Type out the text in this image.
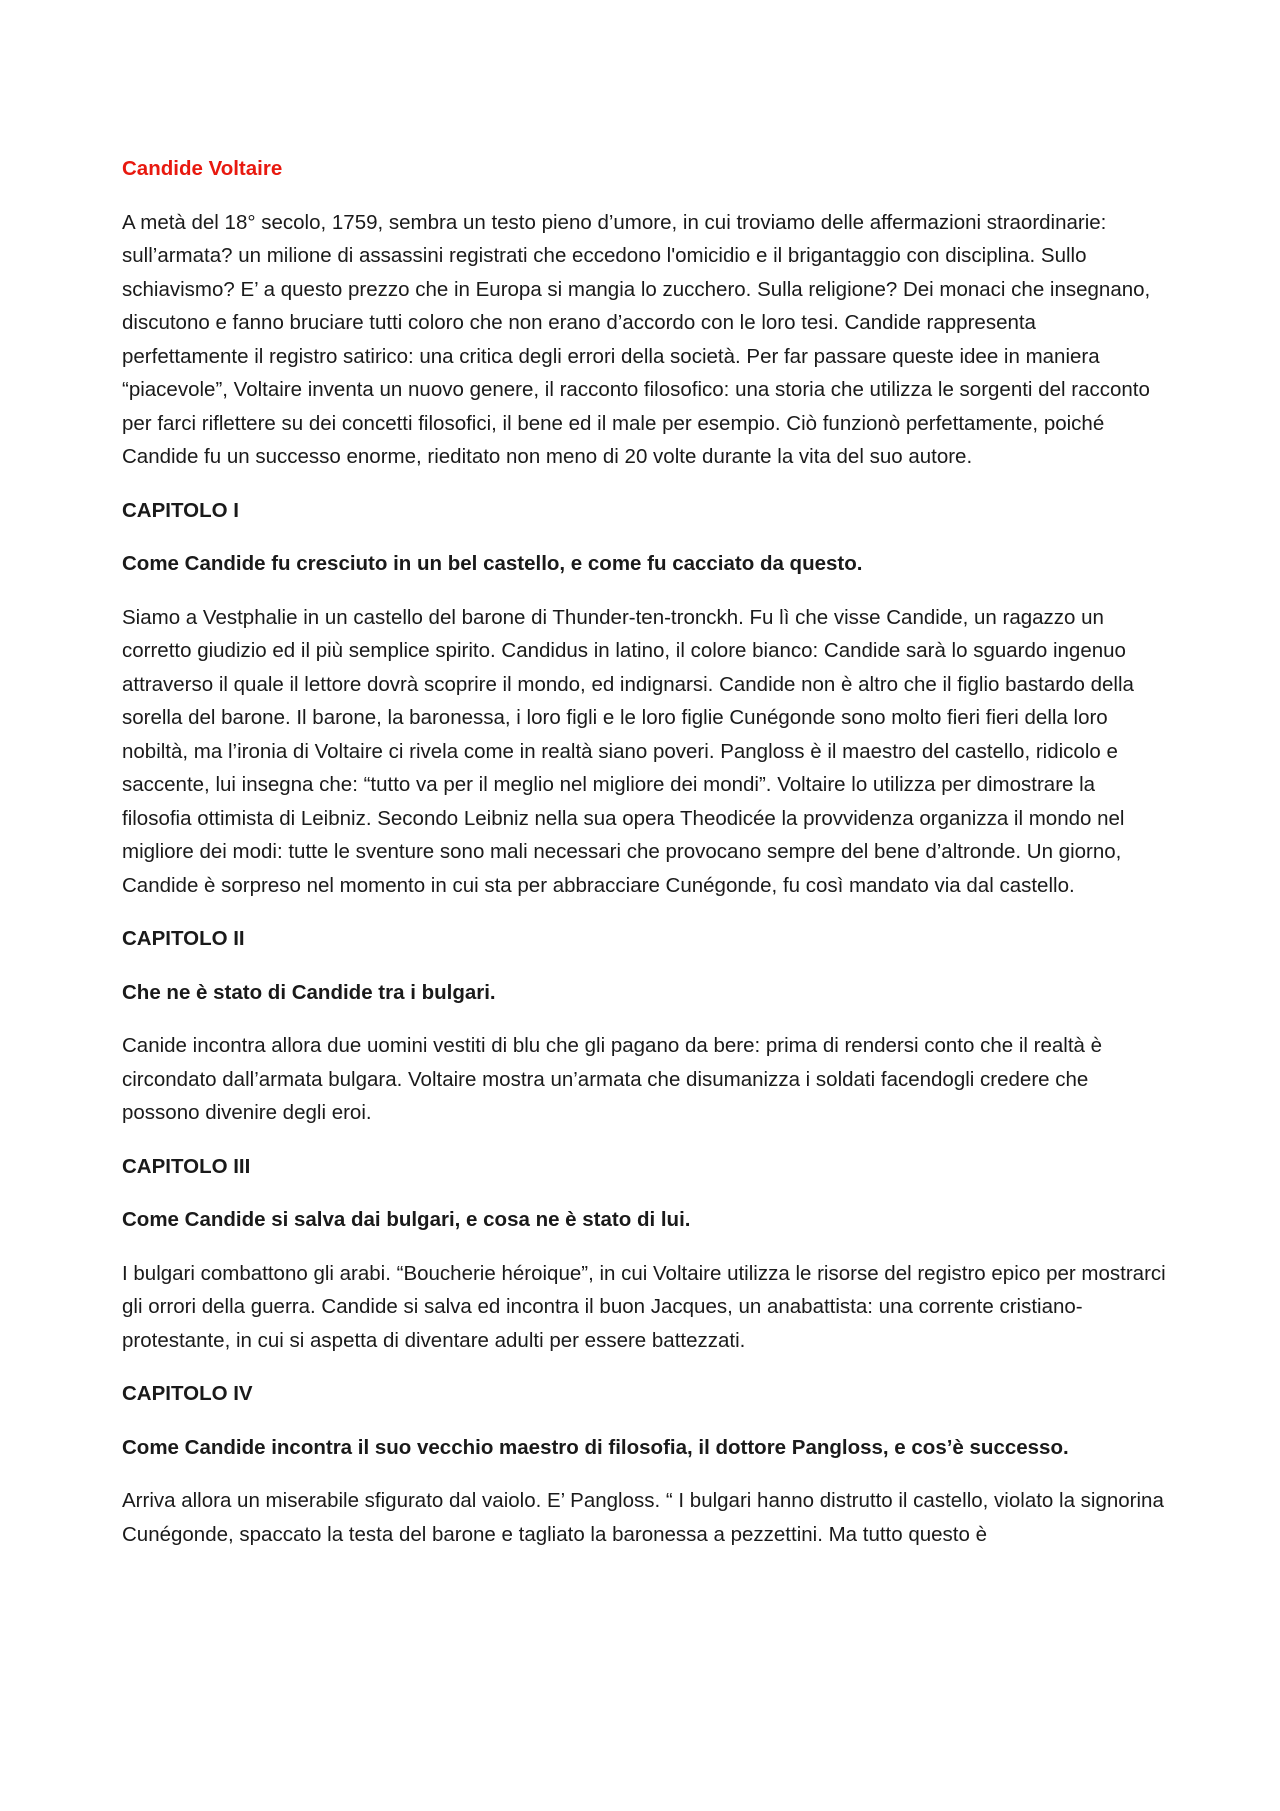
Candide Voltaire

A metà del 18° secolo, 1759, sembra un testo pieno d’umore, in cui troviamo delle affermazioni straordinarie: sull’armata? un milione di assassini registrati che eccedono l'omicidio e il brigantaggio con disciplina. Sullo schiavismo? E’ a questo prezzo che in Europa si mangia lo zucchero. Sulla religione? Dei monaci che insegnano, discutono e fanno bruciare tutti coloro che non erano d’accordo con le loro tesi. Candide rappresenta perfettamente il registro satirico: una critica degli errori della società. Per far passare queste idee in maniera “piacevole”, Voltaire inventa un nuovo genere, il racconto filosofico: una storia che utilizza le sorgenti del racconto per farci riflettere su dei concetti filosofici, il bene ed il male per esempio. Ciò funzionò perfettamente, poiché Candide fu un successo enorme, rieditato non meno di 20 volte durante la vita del suo autore.

CAPITOLO I

Come Candide fu cresciuto in un bel castello, e come fu cacciato da questo.

Siamo a Vestphalie in un castello del barone di Thunder-ten-tronckh. Fu lì che visse Candide, un ragazzo un corretto giudizio ed il più semplice spirito. Candidus in latino, il colore bianco: Candide sarà lo sguardo ingenuo attraverso il quale il lettore dovrà scoprire il mondo, ed indignarsi. Candide non è altro che il figlio bastardo della sorella del barone. Il barone, la baronessa, i loro figli e le loro figlie Cunégonde sono molto fieri fieri della loro nobiltà, ma l’ironia di Voltaire ci rivela come in realtà siano poveri. Pangloss è il maestro del castello, ridicolo e saccente, lui insegna che: “tutto va per il meglio nel migliore dei mondi”. Voltaire lo utilizza per dimostrare la filosofia ottimista di Leibniz. Secondo Leibniz nella sua opera Theodicée la provvidenza organizza il mondo nel migliore dei modi: tutte le sventure sono mali necessari che provocano sempre del bene d’altronde. Un giorno, Candide è sorpreso nel momento in cui sta per abbracciare Cunégonde, fu così mandato via dal castello.

CAPITOLO II

Che ne è stato di Candide tra i bulgari.

Canide incontra allora due uomini vestiti di blu che gli pagano da bere: prima di rendersi conto che il realtà è circondato dall’armata bulgara. Voltaire mostra un’armata che disumanizza i soldati facendogli credere che possono divenire degli eroi.

CAPITOLO III

Come Candide si salva dai bulgari, e cosa ne è stato di lui.

I bulgari combattono gli arabi. “Boucherie héroique”, in cui Voltaire utilizza le risorse del registro epico per mostrarci gli orrori della guerra. Candide si salva ed incontra il buon Jacques, un anabattista: una corrente cristiano-protestante, in cui si aspetta di diventare adulti per essere battezzati.

CAPITOLO IV

Come Candide incontra il suo vecchio maestro di filosofia, il dottore Pangloss, e cos’è successo.

Arriva allora un miserabile sfigurato dal vaiolo. E’ Pangloss. “ I bulgari hanno distrutto il castello, violato la signorina Cunégonde, spaccato la testa del barone e tagliato la baronessa a pezzettini. Ma tutto questo è
